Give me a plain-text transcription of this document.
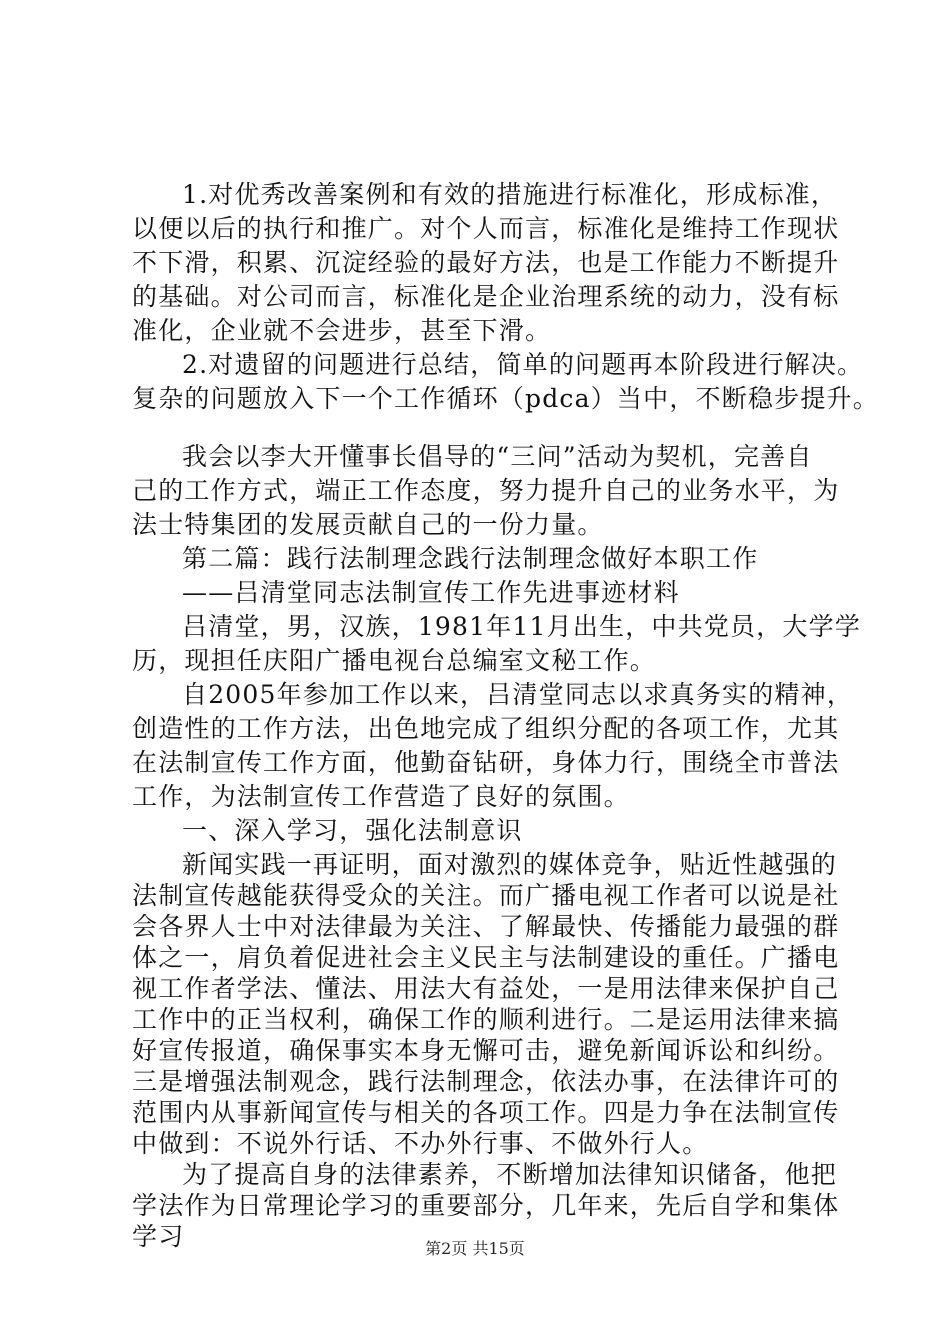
1.对优秀改善案例和有效的措施进行标准化，形成标准，
以便以后的执行和推广。对个人而言，标准化是维持工作现状
不下滑，积累、沉淀经验的最好方法，也是工作能力不断提升
的基础。对公司而言，标准化是企业治理系统的动力，没有标
准化，企业就不会进步，甚至下滑。
2.对遗留的问题进行总结，简单的问题再本阶段进行解决。
复杂的问题放入下一个工作循环（pdca）当中，不断稳步提升。
我会以李大开懂事长倡导的“三问”活动为契机，完善自
己的工作方式，端正工作态度，努力提升自己的业务水平，为
法士特集团的发展贡献自己的一份力量。
第二篇：践行法制理念践行法制理念做好本职工作
——吕清堂同志法制宣传工作先进事迹材料
吕清堂，男，汉族，1981年11月出生，中共党员，大学学
历，现担任庆阳广播电视台总编室文秘工作。
自2005年参加工作以来，吕清堂同志以求真务实的精神，
创造性的工作方法，出色地完成了组织分配的各项工作，尤其
在法制宣传工作方面，他勤奋钻研，身体力行，围绕全市普法
工作，为法制宣传工作营造了良好的氛围。
一、深入学习，强化法制意识
新闻实践一再证明，面对激烈的媒体竞争，贴近性越强的
法制宣传越能获得受众的关注。而广播电视工作者可以说是社
会各界人士中对法律最为关注、了解最快、传播能力最强的群
体之一，肩负着促进社会主义民主与法制建设的重任。广播电
视工作者学法、懂法、用法大有益处，一是用法律来保护自己
工作中的正当权利，确保工作的顺利进行。二是运用法律来搞
好宣传报道，确保事实本身无懈可击，避免新闻诉讼和纠纷。
三是增强法制观念，践行法制理念，依法办事，在法律许可的
范围内从事新闻宣传与相关的各项工作。四是力争在法制宣传
中做到：不说外行话、不办外行事、不做外行人。
为了提高自身的法律素养，不断增加法律知识储备，他把
第2页 共15页
学法作为日常理论学习的重要部分，几年来，先后自学和集体
学习
